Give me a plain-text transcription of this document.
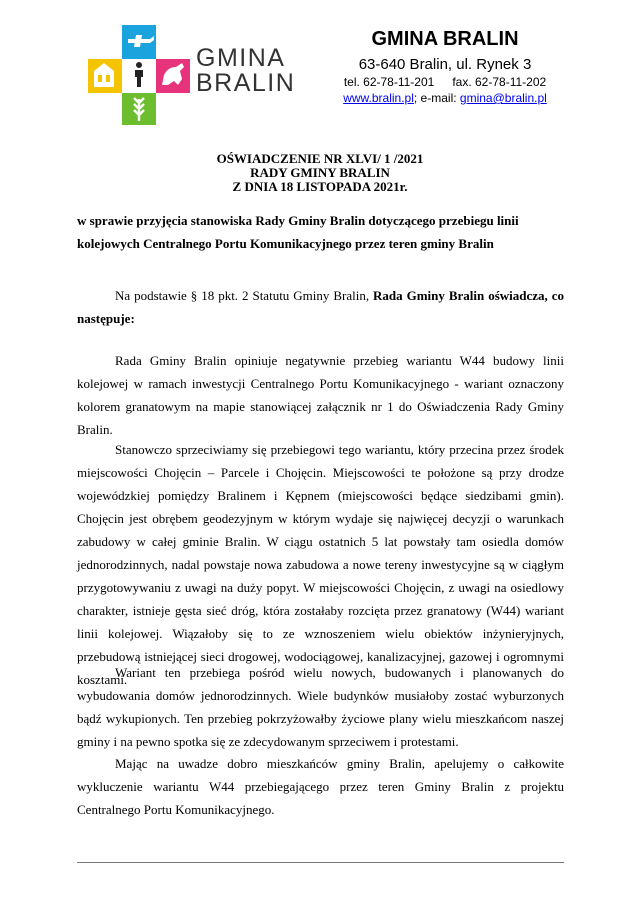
GMINA
BRALIN
GMINA BRALIN
63-640 Bralin, ul. Rynek 3
tel. 62-78-11-201 fax. 62-78-11-202
www.bralin.pl; e-mail: gmina@bralin.pl
OŚWIADCZENIE NR XLVI/ 1 /2021
RADY GMINY BRALIN
Z DNIA 18 LISTOPADA 2021r.
w sprawie przyjęcia stanowiska Rady Gminy Bralin dotyczącego przebiegu linii kolejowych Centralnego Portu Komunikacyjnego przez teren gminy Bralin
Na podstawie § 18 pkt. 2 Statutu Gminy Bralin, Rada Gminy Bralin oświadcza, co następuje:
Rada Gminy Bralin opiniuje negatywnie przebieg wariantu W44 budowy linii kolejowej w ramach inwestycji Centralnego Portu Komunikacyjnego - wariant oznaczony kolorem granatowym na mapie stanowiącej załącznik nr 1 do Oświadczenia Rady Gminy Bralin.
Stanowczo sprzeciwiamy się przebiegowi tego wariantu, który przecina przez środek miejscowości Chojęcin – Parcele i Chojęcin. Miejscowości te położone są przy drodze wojewódzkiej pomiędzy Bralinem i Kępnem (miejscowości będące siedzibami gmin). Chojęcin jest obrębem geodezyjnym w którym wydaje się najwięcej decyzji o warunkach zabudowy w całej gminie Bralin. W ciągu ostatnich 5 lat powstały tam osiedla domów jednorodzinnych, nadal powstaje nowa zabudowa a nowe tereny inwestycyjne są w ciągłym przygotowywaniu z uwagi na duży popyt. W miejscowości Chojęcin, z uwagi na osiedlowy charakter, istnieje gęsta sieć dróg, która zostałaby rozcięta przez granatowy (W44) wariant linii kolejowej. Wiązałoby się to ze wznoszeniem wielu obiektów inżynieryjnych, przebudową istniejącej sieci drogowej, wodociągowej, kanalizacyjnej, gazowej i ogromnymi kosztami.
Wariant ten przebiega pośród wielu nowych, budowanych i planowanych do wybudowania domów jednorodzinnych. Wiele budynków musiałoby zostać wyburzonych bądź wykupionych. Ten przebieg pokrzyżowałby życiowe plany wielu mieszkańcom naszej gminy i na pewno spotka się ze zdecydowanym sprzeciwem i protestami.
Mając na uwadze dobro mieszkańców gminy Bralin, apelujemy o całkowite wykluczenie wariantu W44 przebiegającego przez teren Gminy Bralin z projektu Centralnego Portu Komunikacyjnego.
